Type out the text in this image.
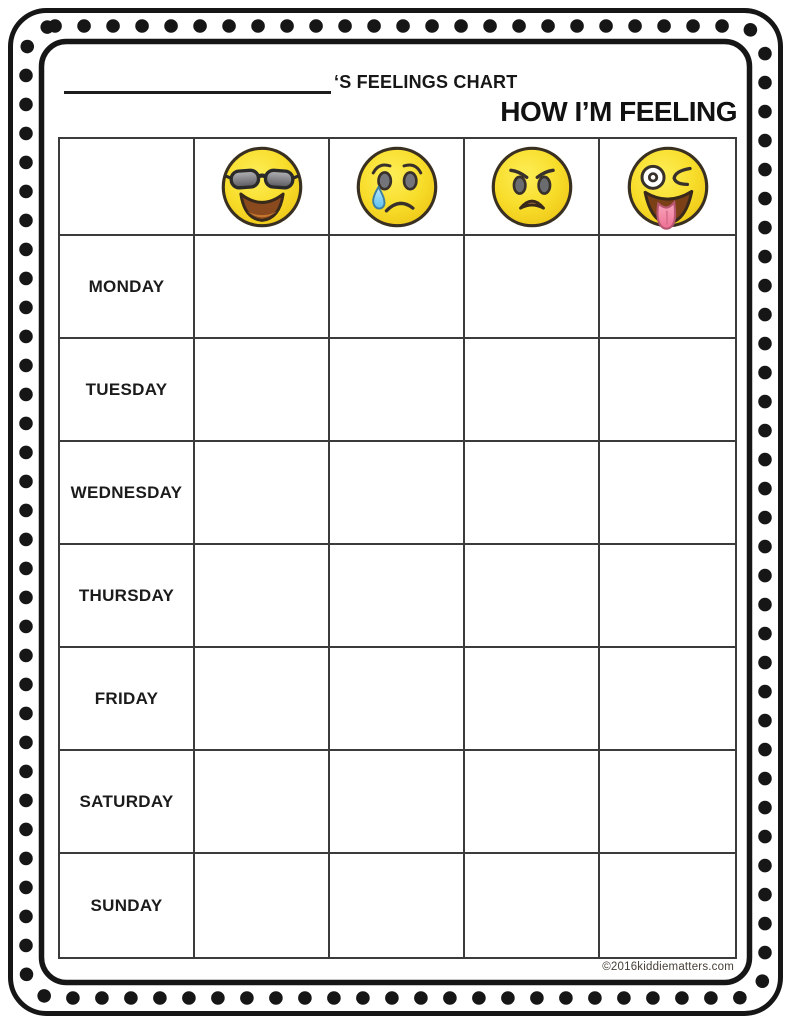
‘S FEELINGS CHART
HOW I’M FEELING
MONDAY
TUESDAY
WEDNESDAY
THURSDAY
FRIDAY
SATURDAY
SUNDAY
©2016kiddiematters.com
